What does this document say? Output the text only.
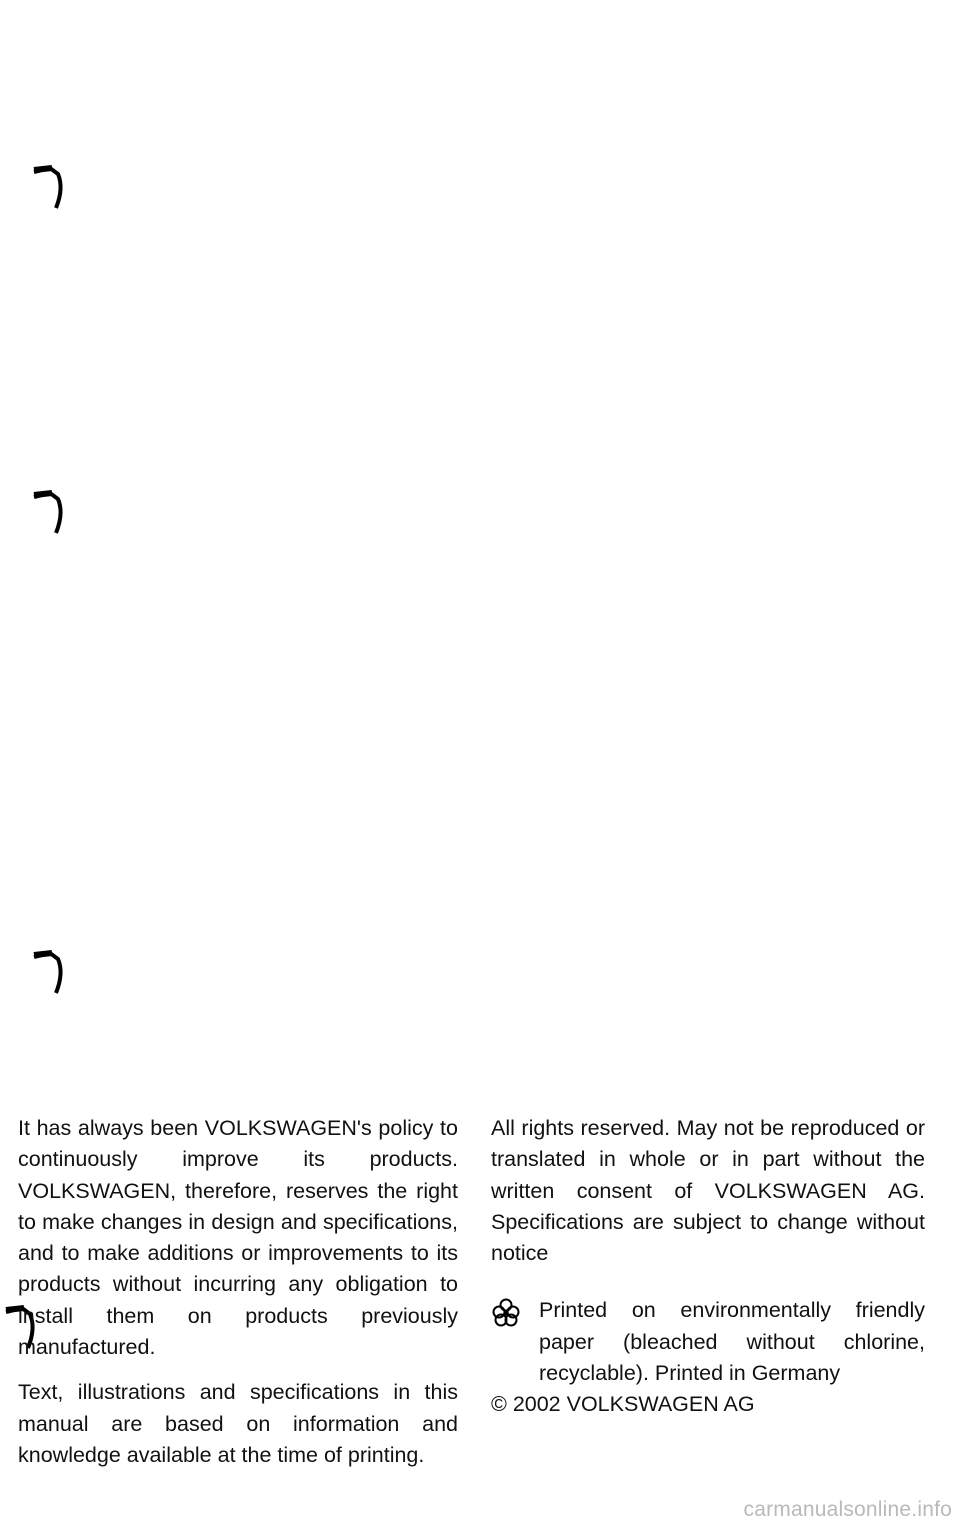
It has always been VOLKSWAGEN's policy to continuously improve its products. VOLKSWAGEN, therefore, reserves the right to make changes in design and specifications, and to make additions or improvements to its products without incurring any obligation to install them on products previously manufactured.

Text, illustrations and specifications in this manual are based on information and knowledge available at the time of printing.

All rights reserved. May not be reproduced or translated in whole or in part without the written consent of VOLKSWAGEN AG. Specifications are subject to change without notice

Printed on environmentally friendly paper (bleached without chlorine, recyclable). Printed in Germany

© 2002 VOLKSWAGEN AG

carmanualsonline.info
